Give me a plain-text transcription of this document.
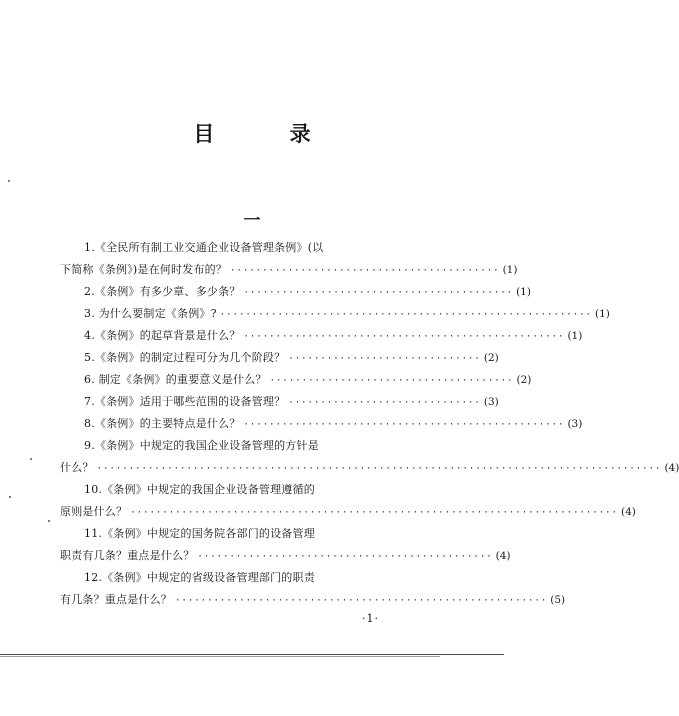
目 录
一
1.《全民所有制工业交通企业设备管理条例》(以
下简称《条例》)是在何时发布的？ ·········································· (1)
2.《条例》有多少章、多少条？ ·········································· (1)
3. 为什么要制定《条例》? ·························································· (1)
4.《条例》的起草背景是什么？ ·················································· (1)
5.《条例》的制定过程可分为几个阶段？ ······························ (2)
6. 制定《条例》的重要意义是什么？ ······································ (2)
7.《条例》适用于哪些范围的设备管理？ ······························ (3)
8.《条例》的主要特点是什么？ ·················································· (3)
9.《条例》中规定的我国企业设备管理的方针是
什么？ ························································································ (4)
10.《条例》中规定的我国企业设备管理遵循的
原则是什么？ ············································································ (4)
11.《条例》中规定的国务院各部门的设备管理
职责有几条？重点是什么？ ·············································· (4)
12.《条例》中规定的省级设备管理部门的职责
有几条？重点是什么？ ·························································· (5)
·1·
